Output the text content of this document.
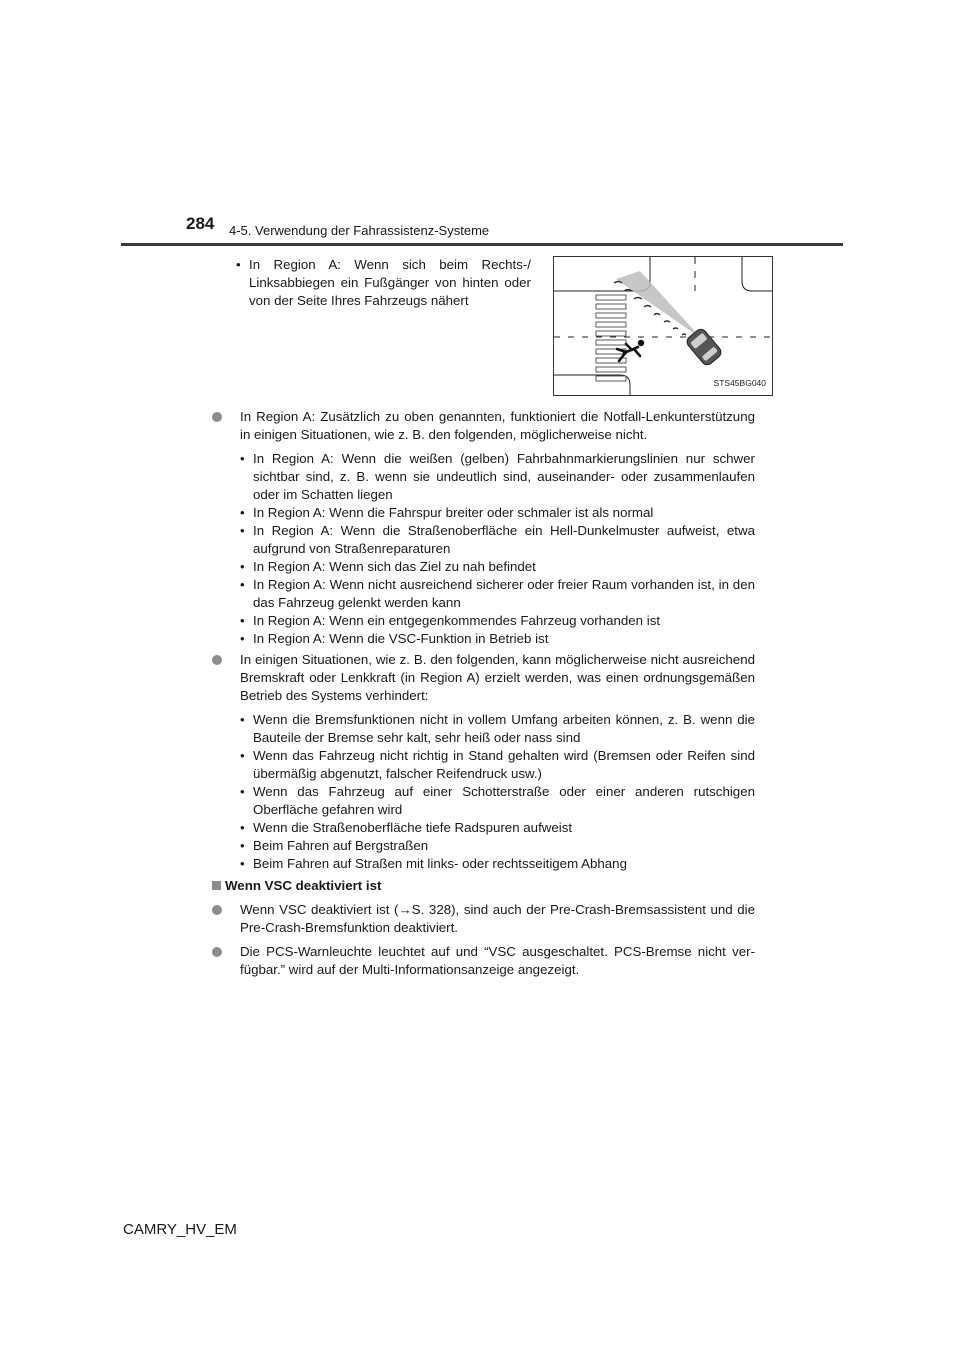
284 4-5. Verwendung der Fahrassistenz-Systeme
• In Region A: Wenn sich beim Rechts-/ Linksabbiegen ein Fußgänger von hinten oder von der Seite Ihres Fahrzeugs nähert
STS45BG040
In Region A: Zusätzlich zu oben genannten, funktioniert die Notfall-Lenkunterstützung in einigen Situationen, wie z. B. den folgenden, möglicherweise nicht.
• In Region A: Wenn die weißen (gelben) Fahrbahnmarkierungslinien nur schwer sichtbar sind, z. B. wenn sie undeutlich sind, auseinander- oder zusammenlaufen oder im Schatten liegen
• In Region A: Wenn die Fahrspur breiter oder schmaler ist als normal
• In Region A: Wenn die Straßenoberfläche ein Hell-Dunkelmuster aufweist, etwa aufgrund von Straßenreparaturen
• In Region A: Wenn sich das Ziel zu nah befindet
• In Region A: Wenn nicht ausreichend sicherer oder freier Raum vorhanden ist, in den das Fahrzeug gelenkt werden kann
• In Region A: Wenn ein entgegenkommendes Fahrzeug vorhanden ist
• In Region A: Wenn die VSC-Funktion in Betrieb ist
In einigen Situationen, wie z. B. den folgenden, kann möglicherweise nicht ausreichend Bremskraft oder Lenkkraft (in Region A) erzielt werden, was einen ordnungsgemäßen Betrieb des Systems verhindert:
• Wenn die Bremsfunktionen nicht in vollem Umfang arbeiten können, z. B. wenn die Bauteile der Bremse sehr kalt, sehr heiß oder nass sind
• Wenn das Fahrzeug nicht richtig in Stand gehalten wird (Bremsen oder Reifen sind übermäßig abgenutzt, falscher Reifendruck usw.)
• Wenn das Fahrzeug auf einer Schotterstraße oder einer anderen rutschigen Oberfläche gefahren wird
• Wenn die Straßenoberfläche tiefe Radspuren aufweist
• Beim Fahren auf Bergstraßen
• Beim Fahren auf Straßen mit links- oder rechtsseitigem Abhang
Wenn VSC deaktiviert ist
Wenn VSC deaktiviert ist (→S. 328), sind auch der Pre-Crash-Bremsassistent und die Pre-Crash-Bremsfunktion deaktiviert.
Die PCS-Warnleuchte leuchtet auf und “VSC ausgeschaltet. PCS-Bremse nicht verfügbar.” wird auf der Multi-Informationsanzeige angezeigt.
CAMRY_HV_EM
